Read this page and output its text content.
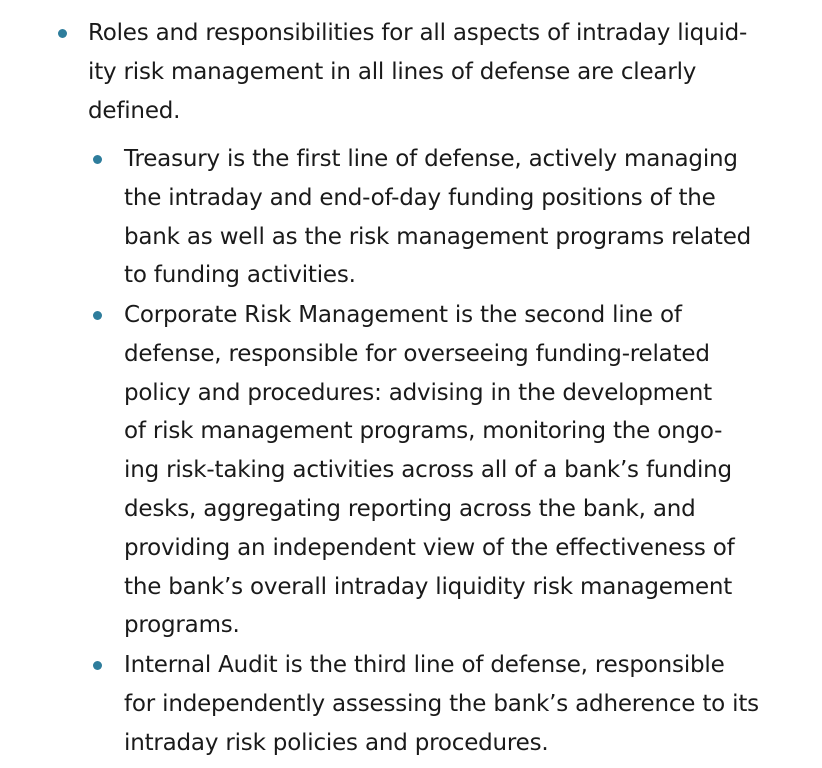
Roles and responsibilities for all aspects of intraday liquid-
ity risk management in all lines of defense are clearly
defined.
Treasury is the first line of defense, actively managing
the intraday and end-of-day funding positions of the
bank as well as the risk management programs related
to funding activities.
Corporate Risk Management is the second line of
defense, responsible for overseeing funding-related
policy and procedures: advising in the development
of risk management programs, monitoring the ongo-
ing risk-taking activities across all of a bank’s funding
desks, aggregating reporting across the bank, and
providing an independent view of the effectiveness of
the bank’s overall intraday liquidity risk management
programs.
Internal Audit is the third line of defense, responsible
for independently assessing the bank’s adherence to its
intraday risk policies and procedures.
